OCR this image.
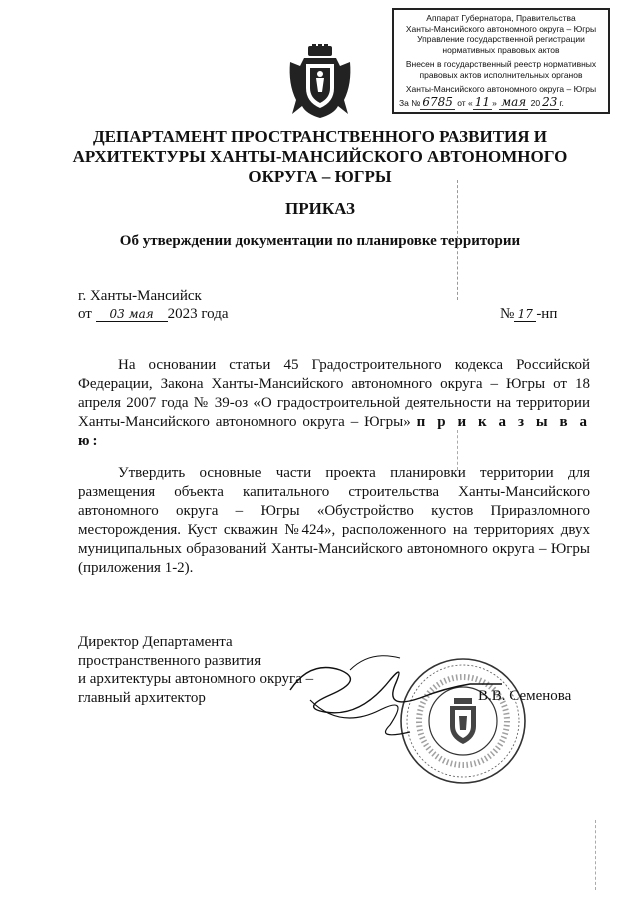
Аппарат Губернатора, Правительства
Ханты-Мансийского автономного округа – Югры
Управление государственной регистрации
нормативных правовых актов
Внесен в государственный реестр нормативных
правовых актов исполнительных органов
Ханты-Мансийского автономного округа – Югры
За № 6785 от « 11 » мая 20 23 г.
ДЕПАРТАМЕНТ ПРОСТРАНСТВЕННОГО РАЗВИТИЯ И
АРХИТЕКТУРЫ ХАНТЫ-МАНСИЙСКОГО АВТОНОМНОГО
ОКРУГА – ЮГРЫ
ПРИКАЗ
Об утверждении документации по планировке территории
г. Ханты-Мансийск
от 03 мая 2023 года	№ 17 -нп
На основании статьи 45 Градостроительного кодекса Российской Федерации, Закона Ханты-Мансийского автономного округа – Югры от 18 апреля 2007 года № 39-оз «О градостроительной деятельности на территории Ханты-Мансийского автономного округа – Югры» п р и к а з ы в а ю:
Утвердить основные части проекта планировки территории для размещения объекта капитального строительства Ханты-Мансийского автономного округа – Югры «Обустройство кустов Приразломного месторождения. Куст скважин №424», расположенного на территориях двух муниципальных образований Ханты-Мансийского автономного округа – Югры (приложения 1-2).
Директор Департамента
пространственного развития
и архитектуры автономного округа –
главный архитектор	В.В. Семенова
